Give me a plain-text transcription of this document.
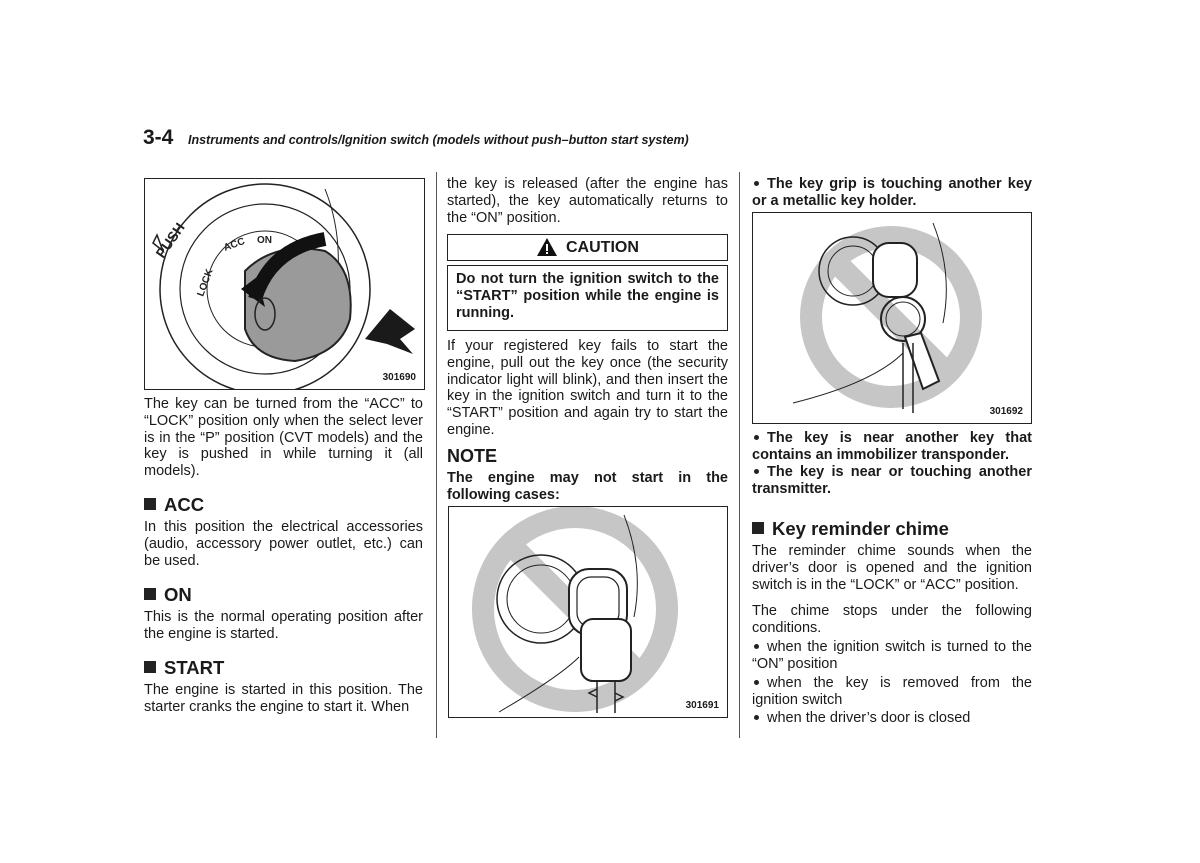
3-4 Instruments and controls/Ignition switch (models without push–button start system)
PUSH
LOCK
ACC ON
301690

The key can be turned from the “ACC” to “LOCK” position only when the select lever is in the “P” position (CVT models) and the key is pushed in while turning it (all models).

ACC

In this position the electrical accessories (audio, accessory power outlet, etc.) can be used.

ON

This is the normal operating position after the engine is started.

START

The engine is started in this position. The starter cranks the engine to start it. When

the key is released (after the engine has started), the key automatically returns to the “ON” position.

CAUTION
Do not turn the ignition switch to the “START” position while the engine is running.

If your registered key fails to start the engine, pull out the key once (the security indicator light will blink), and then insert the key in the ignition switch and turn it to the “START” position and again try to start the engine.

NOTE

The engine may not start in the following cases:

301691

The key grip is touching another key or a metallic key holder.

301692

The key is near another key that contains an immobilizer transponder.

The key is near or touching another transmitter.

Key reminder chime

The reminder chime sounds when the driver’s door is opened and the ignition switch is in the “LOCK” or “ACC” position.

The chime stops under the following conditions.

when the ignition switch is turned to the “ON” position

when the key is removed from the ignition switch

when the driver’s door is closed
